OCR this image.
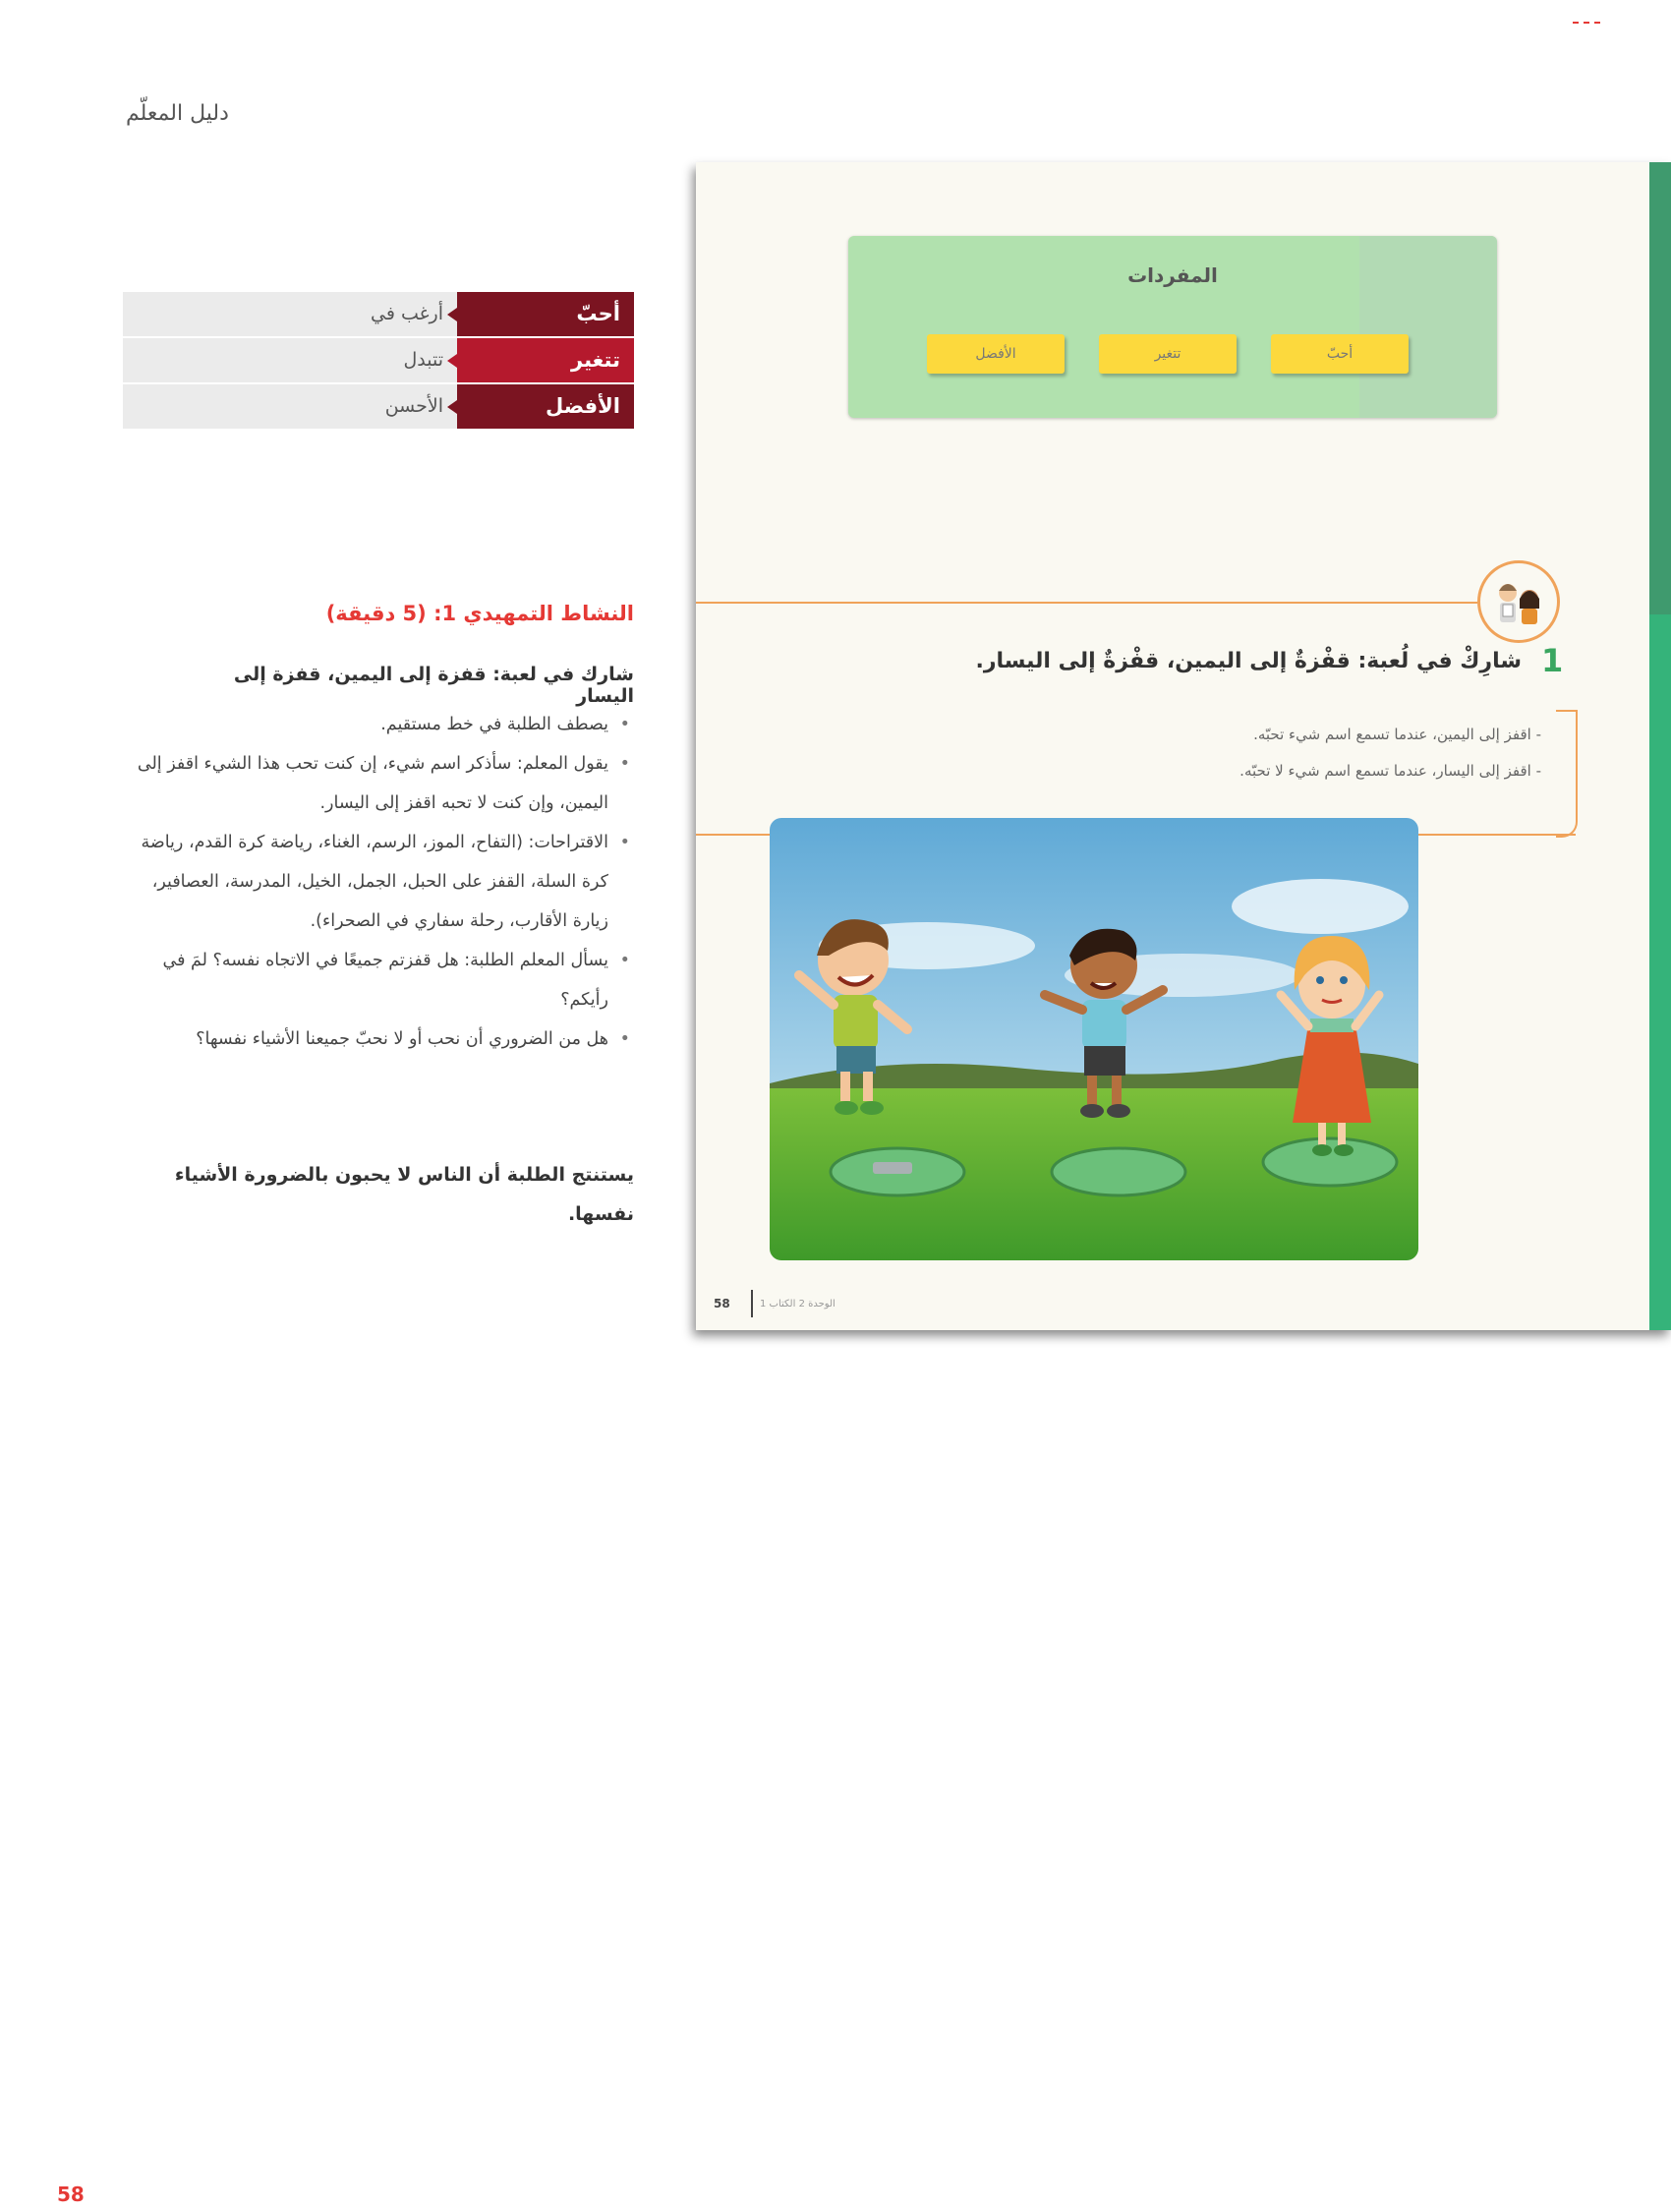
دليل المعلّم
أرغب في	أحبّ
تتبدل	تتغير
الأحسن	الأفضل
النشاط التمهيدي 1: (5 دقيقة)
شارك في لعبة: قفزة إلى اليمين، قفزة إلى اليسار
• يصطف الطلبة في خط مستقيم.
• يقول المعلم: سأذكر اسم شيء، إن كنت تحب هذا الشيء اقفز إلى اليمين، وإن كنت لا تحبه اقفز إلى اليسار.
• الاقتراحات: (التفاح، الموز، الرسم، الغناء، رياضة كرة القدم، رياضة كرة السلة، القفز على الحبل، الجمل، الخيل، المدرسة، العصافير، زيارة الأقارب، رحلة سفاري في الصحراء).
• يسأل المعلم الطلبة: هل قفزتم جميعًا في الاتجاه نفسه؟ لمَ في رأيكم؟
• هل من الضروري أن نحب أو لا نحبّ جميعنا الأشياء نفسها؟
يستنتج الطلبة أن الناس لا يحبون بالضرورة الأشياء نفسها.
المفردات
أحبّ
تتغير
الأفضل
1
شارِكْ في لُعبة: قفْزةٌ إلى اليمين، قفْزةٌ إلى اليسار.
- اقفز إلى اليمين، عندما تسمع اسم شيء تحبّه.
- اقفز إلى اليسار، عندما تسمع اسم شيء لا تحبّه.
58	الوحدة 2 الكتاب 1
58
